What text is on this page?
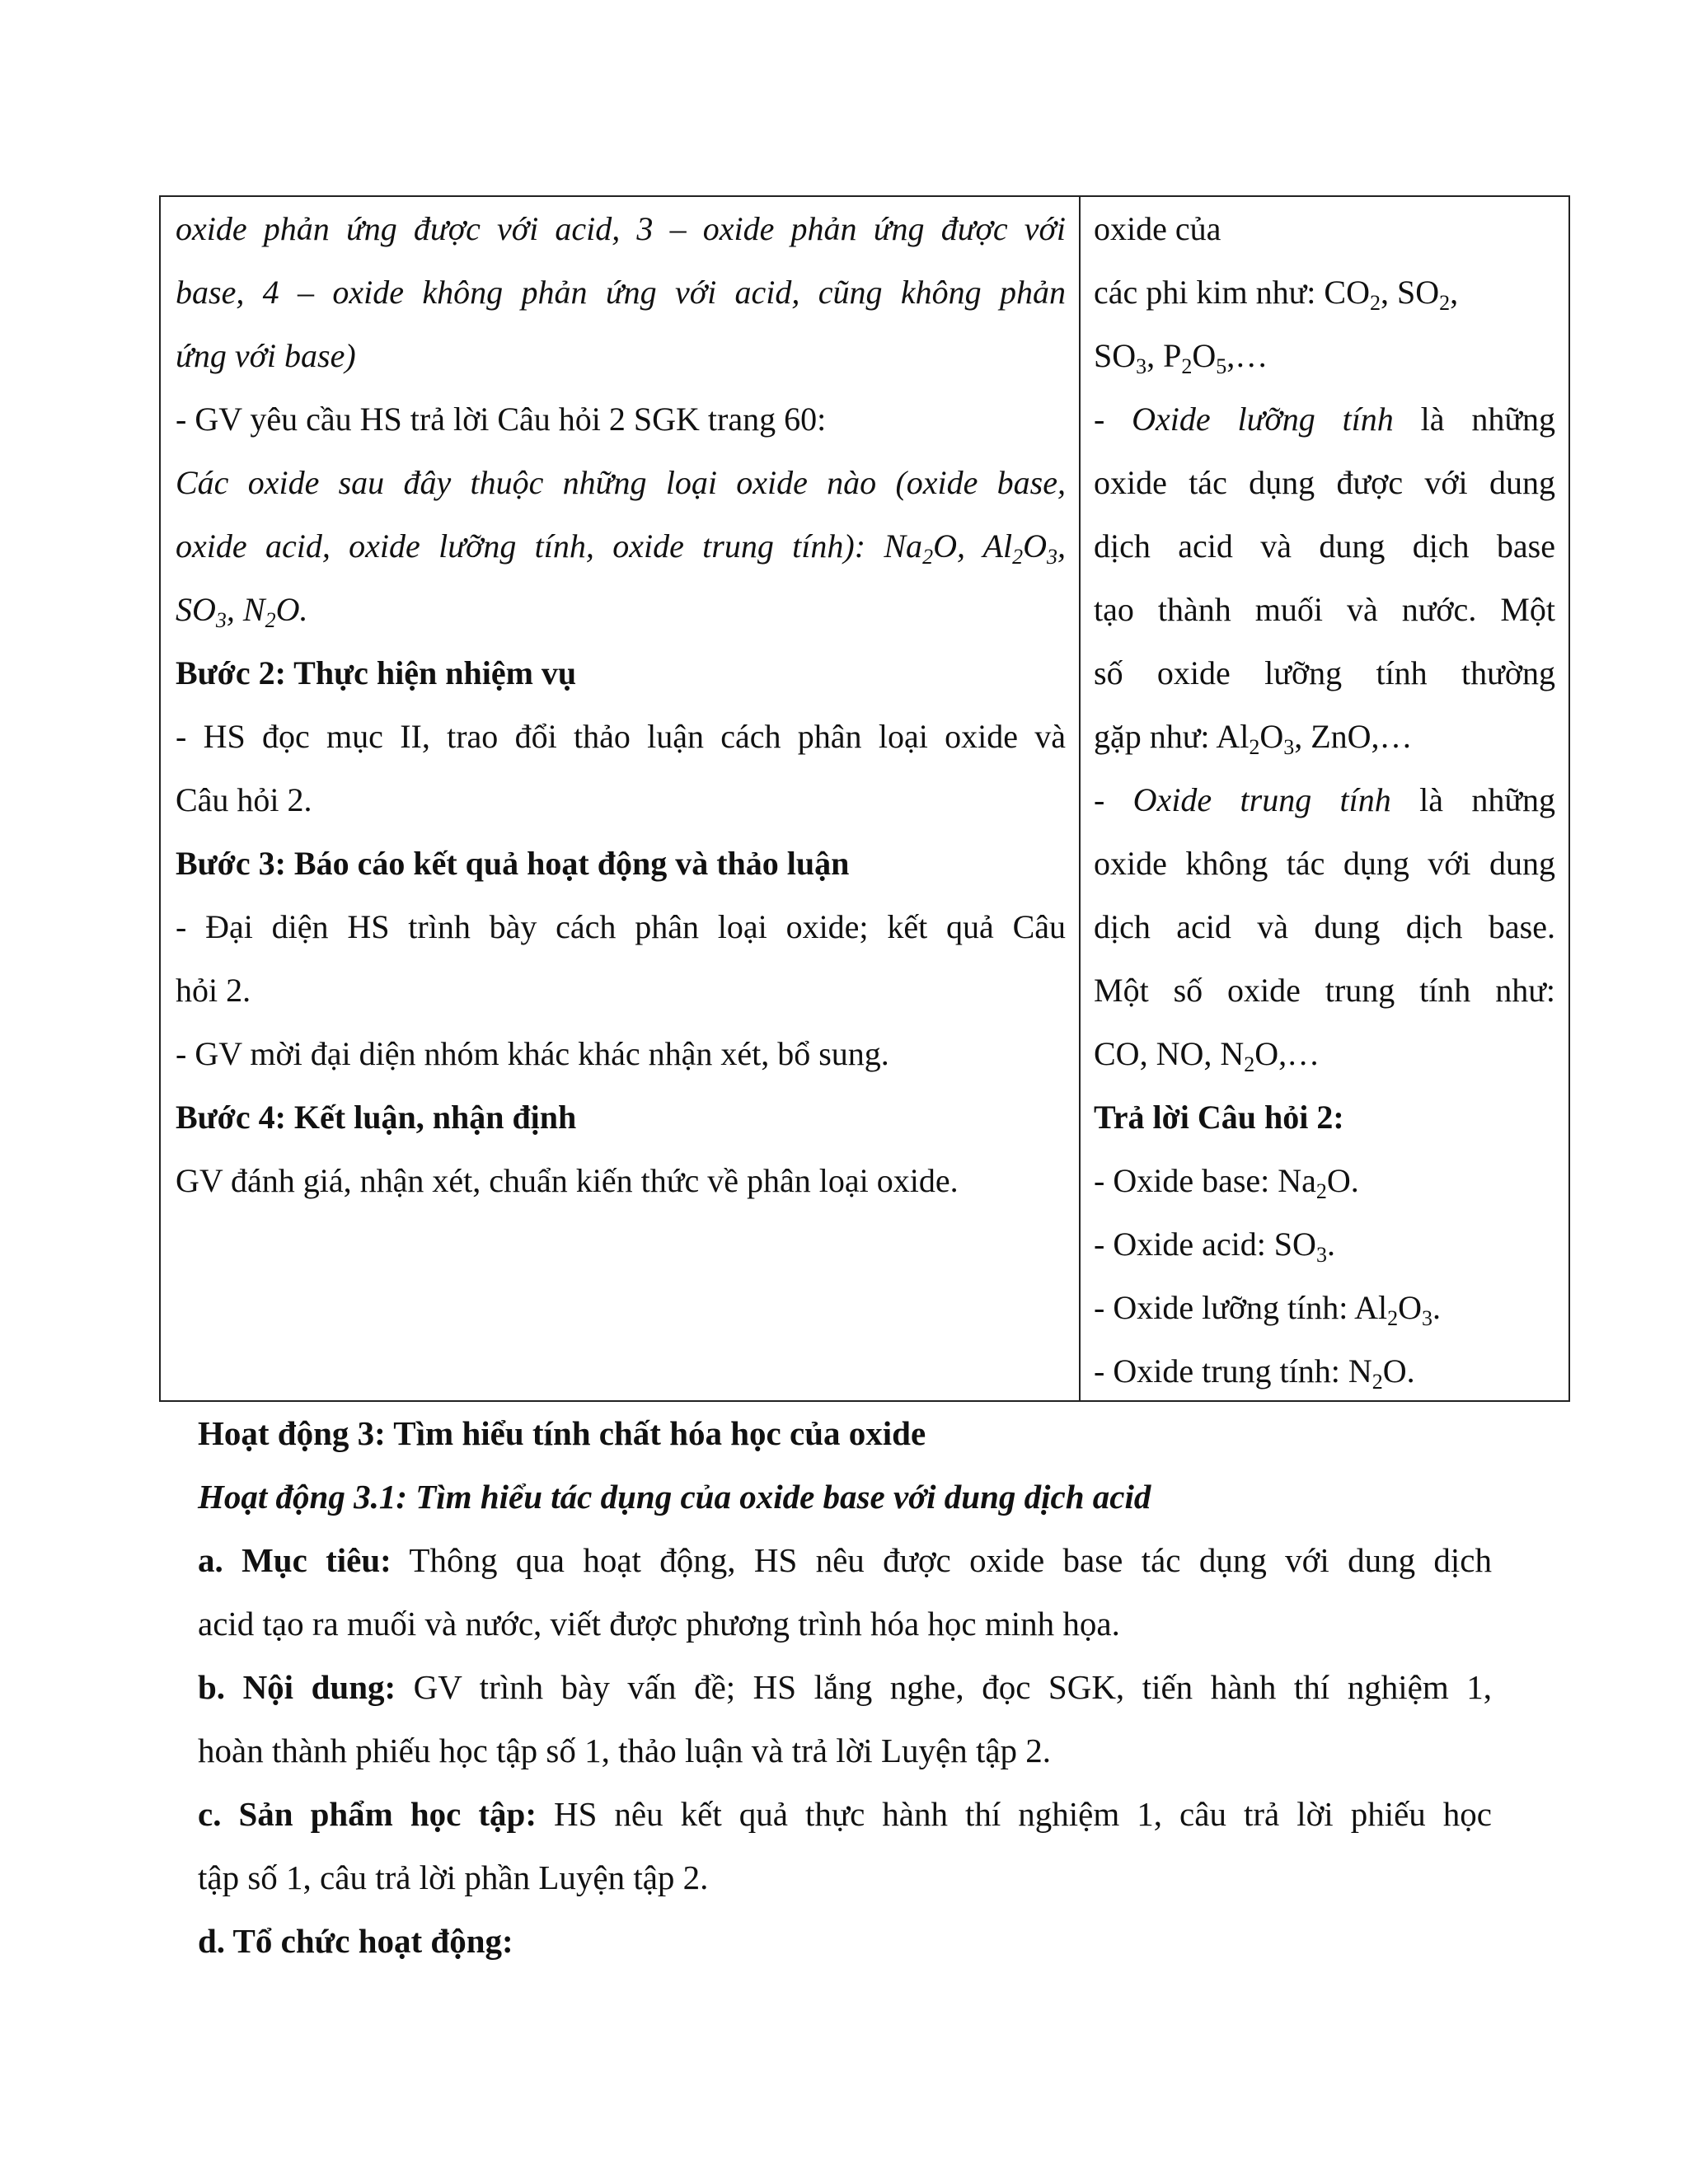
oxide phản ứng được với acid, 3 – oxide phản ứng được với
base, 4 – oxide không phản ứng với acid, cũng không phản
ứng với base)
- GV yêu cầu HS trả lời Câu hỏi 2 SGK trang 60:
Các oxide sau đây thuộc những loại oxide nào (oxide base,
oxide acid, oxide lưỡng tính, oxide trung tính): $Na_2O$, $Al_2O_3$,
$SO_3$, $N_2O$.
Bước 2: Thực hiện nhiệm vụ
- HS đọc mục II, trao đổi thảo luận cách phân loại oxide và
Câu hỏi 2.
Bước 3: Báo cáo kết quả hoạt động và thảo luận
- Đại diện HS trình bày cách phân loại oxide; kết quả Câu
hỏi 2.
- GV mời đại diện nhóm khác khác nhận xét, bổ sung.
Bước 4: Kết luận, nhận định
GV đánh giá, nhận xét, chuẩn kiến thức về phân loại oxide.
oxide của
các phi kim như: $CO_2$, $SO_2$,
$SO_3$, $P_2O_5,\dots$
- Oxide lưỡng tính là những
oxide tác dụng được với dung
dịch acid và dung dịch base
tạo thành muối và nước. Một
số oxide lưỡng tính thường
gặp như: $Al_2O_3$, ZnO,…
- Oxide trung tính là những
oxide không tác dụng với dung
dịch acid và dung dịch base.
Một số oxide trung tính như:
CO, NO, $N_2O,\dots$
Trả lời Câu hỏi 2:
- Oxide base: $Na_2O$.
- Oxide acid: $SO_3$.
- Oxide lưỡng tính: $Al_2O_3$.
- Oxide trung tính: $N_2O$.
Hoạt động 3: Tìm hiểu tính chất hóa học của oxide
Hoạt động 3.1: Tìm hiểu tác dụng của oxide base với dung dịch acid
a. Mục tiêu: Thông qua hoạt động, HS nêu được oxide base tác dụng với dung dịch
acid tạo ra muối và nước, viết được phương trình hóa học minh họa.
b. Nội dung: GV trình bày vấn đề; HS lắng nghe, đọc SGK, tiến hành thí nghiệm 1,
hoàn thành phiếu học tập số 1, thảo luận và trả lời Luyện tập 2.
c. Sản phẩm học tập: HS nêu kết quả thực hành thí nghiệm 1, câu trả lời phiếu học
tập số 1, câu trả lời phần Luyện tập 2.
d. Tổ chức hoạt động:
